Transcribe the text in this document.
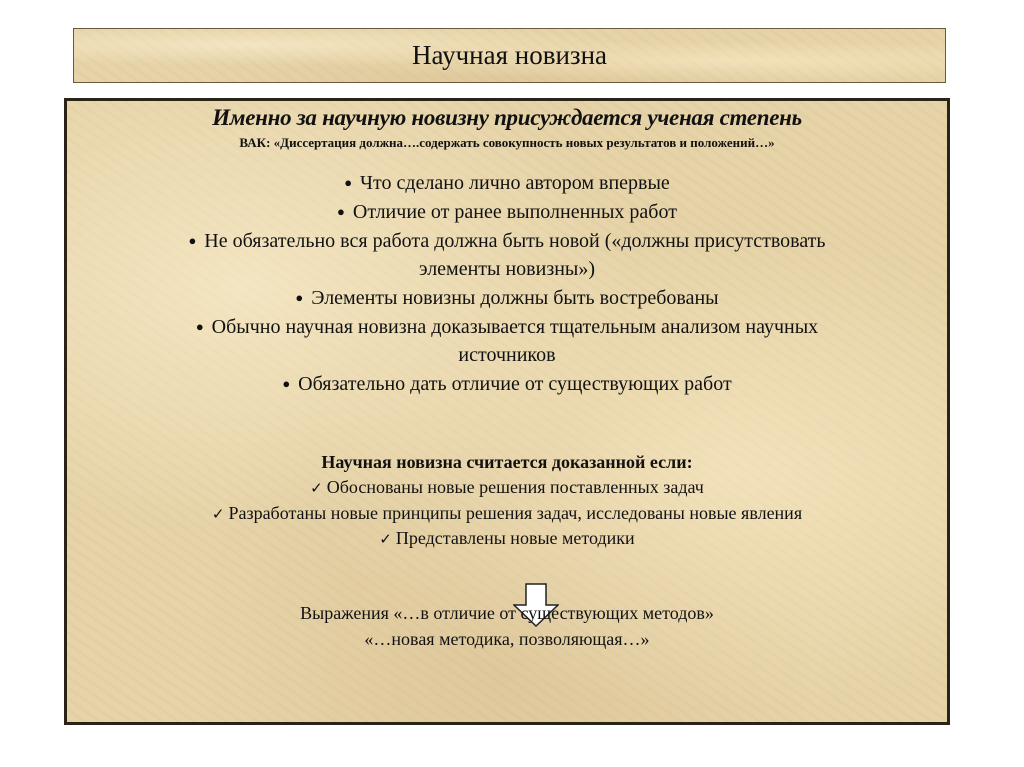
Научная новизна
Именно за научную новизну присуждается ученая степень
ВАК: «Диссертация должна….содержать совокупность новых результатов и положений…»
● Что сделано лично автором впервые
● Отличие от ранее выполненных работ
● Не обязательно вся работа должна быть новой («должны присутствовать
элементы новизны»)
● Элементы новизны должны быть востребованы
● Обычно научная новизна доказывается тщательным анализом научных
источников
● Обязательно дать отличие от существующих работ
Научная новизна считается доказанной если:
✓ Обоснованы новые решения поставленных задач
✓ Разработаны новые принципы решения задач, исследованы новые явления
✓ Представлены новые методики
Выражения «…в отличие от существующих методов»
«…новая методика, позволяющая…»
